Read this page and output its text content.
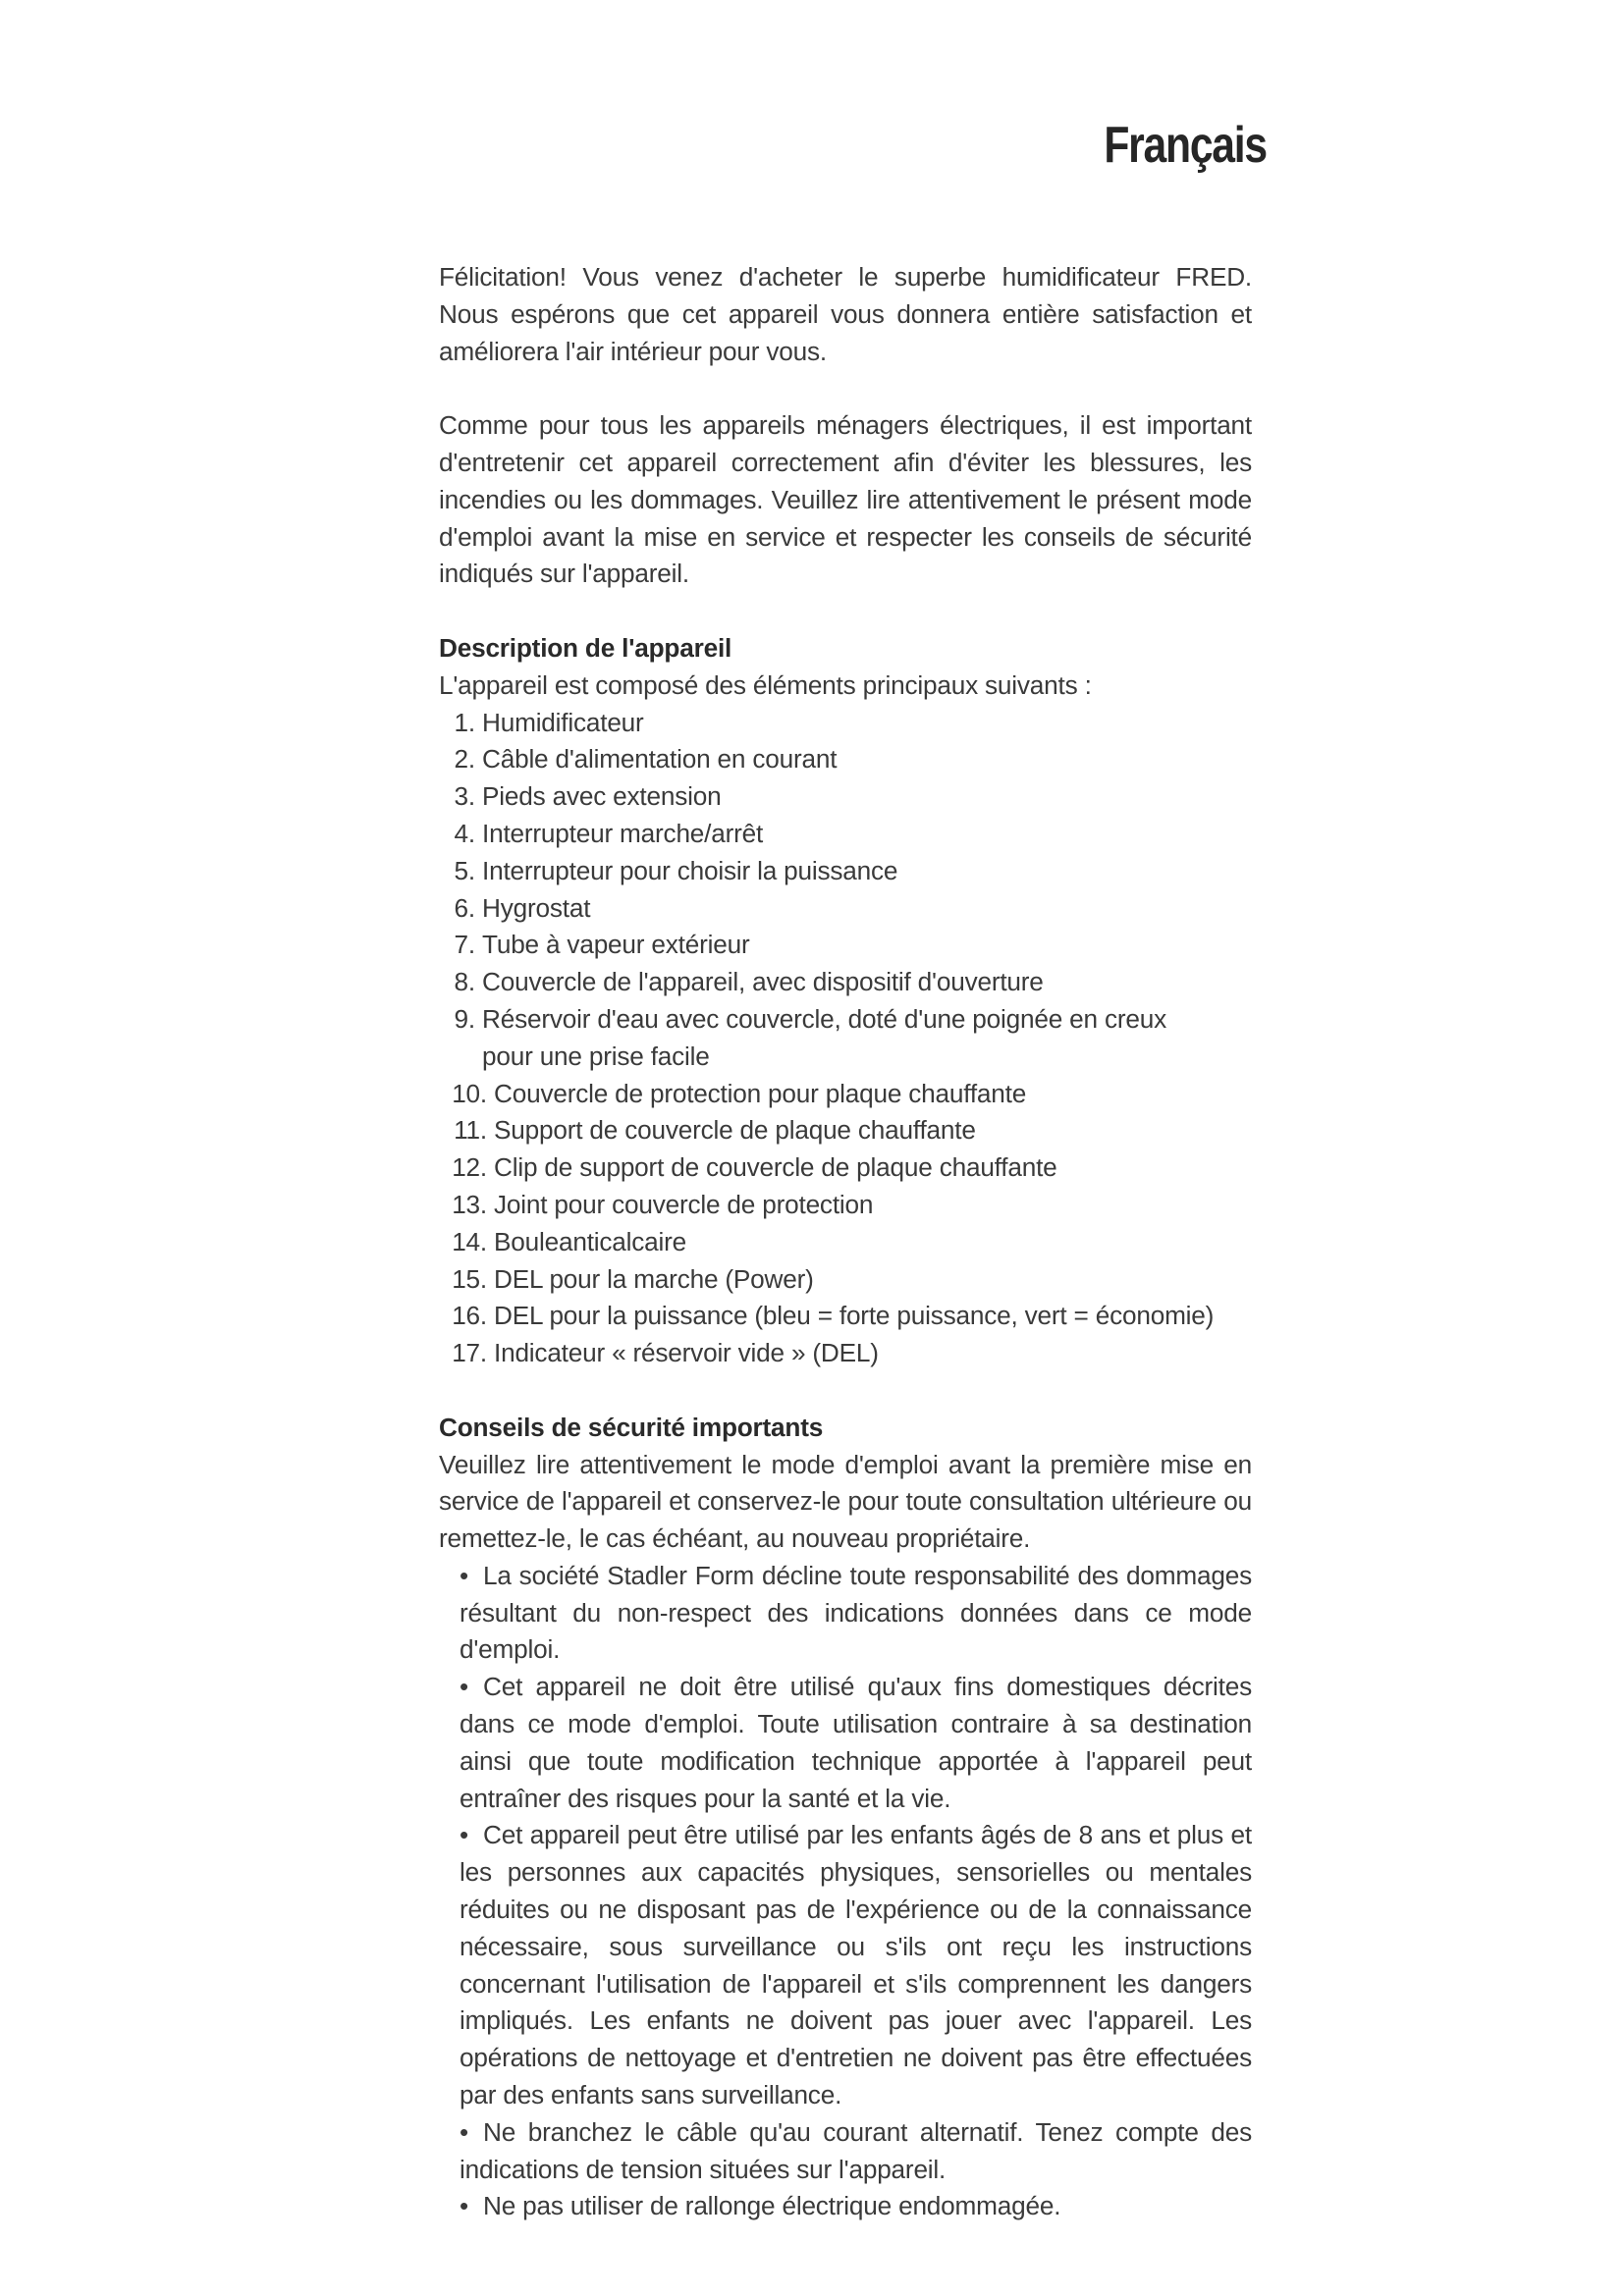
Français

Félicitation! Vous venez d'acheter le superbe humidificateur FRED. Nous espérons que cet appareil vous donnera entière satisfaction et améliorera l'air intérieur pour vous.

Comme pour tous les appareils ménagers électriques, il est important d'entretenir cet appareil correctement afin d'éviter les blessures, les incendies ou les dommages. Veuillez lire attentivement le présent mode d'emploi avant la mise en service et respecter les conseils de sécurité indiqués sur l'appareil.

Description de l'appareil

L'appareil est composé des éléments principaux suivants :

1. Humidificateur
2. Câble d'alimentation en courant
3. Pieds avec extension
4. Interrupteur marche/arrêt
5. Interrupteur pour choisir la puissance
6. Hygrostat
7. Tube à vapeur extérieur
8. Couvercle de l'appareil, avec dispositif d'ouverture
9. Réservoir d'eau avec couvercle, doté d'une poignée en creux pour une prise facile
10. Couvercle de protection pour plaque chauffante
11. Support de couvercle de plaque chauffante
12. Clip de support de couvercle de plaque chauffante
13. Joint pour couvercle de protection
14. Bouleanticalcaire
15. DEL pour la marche (Power)
16. DEL pour la puissance (bleu = forte puissance, vert = économie)
17. Indicateur « réservoir vide » (DEL)
Conseils de sécurité importants

Veuillez lire attentivement le mode d'emploi avant la première mise en service de l'appareil et conservez-le pour toute consultation ultérieure ou remettez-le, le cas échéant, au nouveau propriétaire.

• La société Stadler Form décline toute responsabilité des dommages résultant du non-respect des indications données dans ce mode d'emploi.
• Cet appareil ne doit être utilisé qu'aux fins domestiques décrites dans ce mode d'emploi. Toute utilisation contraire à sa destination ainsi que toute modification technique apportée à l'appareil peut entraîner des risques pour la santé et la vie.
• Cet appareil peut être utilisé par les enfants âgés de 8 ans et plus et les personnes aux capacités physiques, sensorielles ou mentales réduites ou ne disposant pas de l'expérience ou de la connaissance nécessaire, sous surveillance ou s'ils ont reçu les instructions concernant l'utilisation de l'appareil et s'ils comprennent les dangers impliqués. Les enfants ne doivent pas jouer avec l'appareil. Les opérations de nettoyage et d'entretien ne doivent pas être effectuées par des enfants sans surveillance.
• Ne branchez le câble qu'au courant alternatif. Tenez compte des indications de tension situées sur l'appareil.
• Ne pas utiliser de rallonge électrique endommagée.
